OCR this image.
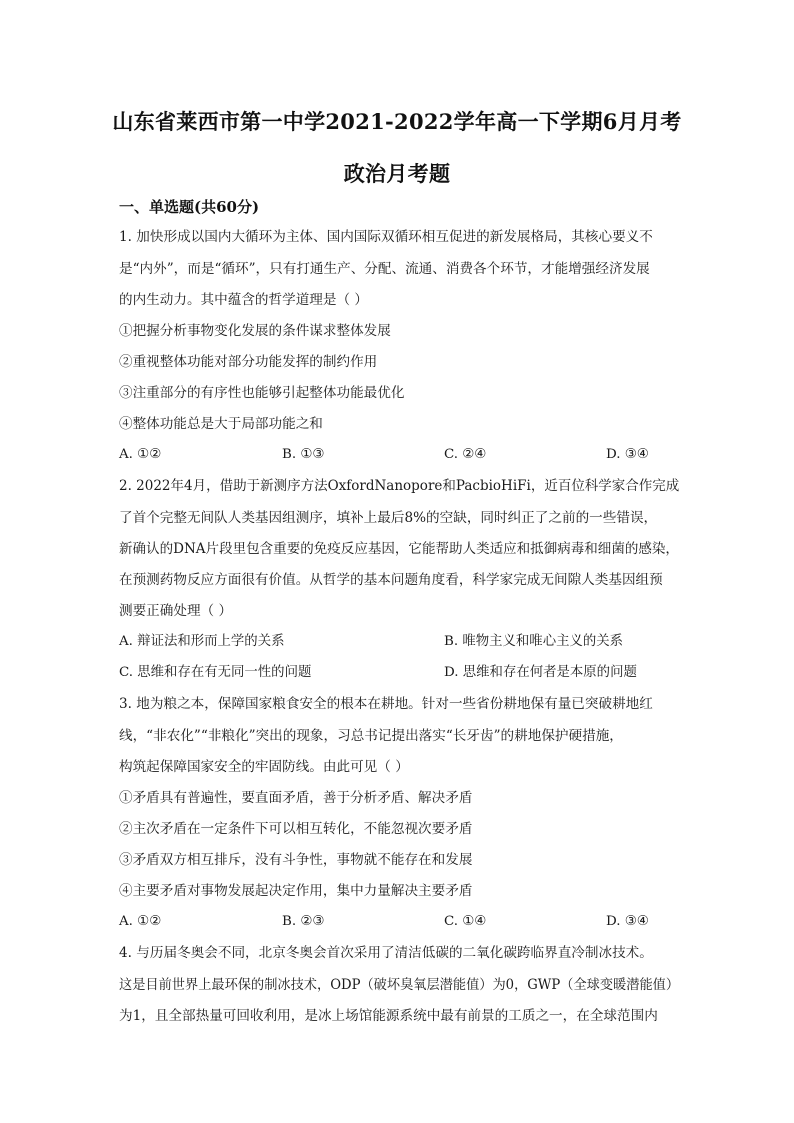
山东省莱西市第一中学2021-2022学年高一下学期6月月考
政治月考题
一、单选题(共60分)
1. 加快形成以国内大循环为主体、国内国际双循环相互促进的新发展格局，其核心要义不
是“内外”，而是“循环”，只有打通生产、分配、流通、消费各个环节，才能增强经济发展
的内生动力。其中蕴含的哲学道理是（ ）
①把握分析事物变化发展的条件谋求整体发展
②重视整体功能对部分功能发挥的制约作用
③注重部分的有序性也能够引起整体功能最优化
④整体功能总是大于局部功能之和
A. ①②	B. ①③	C. ②④	D. ③④
2. 2022年4月，借助于新测序方法OxfordNanopore和PacbioHiFi，近百位科学家合作完成
了首个完整无间队人类基因组测序，填补上最后8%的空缺，同时纠正了之前的一些错误，
新确认的DNA片段里包含重要的免疫反应基因，它能帮助人类适应和抵御病毒和细菌的感染，
在预测药物反应方面很有价值。从哲学的基本问题角度看，科学家完成无间隙人类基因组预
测要正确处理（ ）
A. 辩证法和形而上学的关系	B. 唯物主义和唯心主义的关系
C. 思维和存在有无同一性的问题	D. 思维和存在何者是本原的问题
3. 地为粮之本，保障国家粮食安全的根本在耕地。针对一些省份耕地保有量已突破耕地红
线，“非农化”“非粮化”突出的现象，习总书记提出落实“长牙齿”的耕地保护硬措施，
构筑起保障国家安全的牢固防线。由此可见（ ）
①矛盾具有普遍性，要直面矛盾，善于分析矛盾、解决矛盾
②主次矛盾在一定条件下可以相互转化，不能忽视次要矛盾
③矛盾双方相互排斥，没有斗争性，事物就不能存在和发展
④主要矛盾对事物发展起决定作用，集中力量解决主要矛盾
A. ①②	B. ②③	C. ①④	D. ③④
4. 与历届冬奥会不同，北京冬奥会首次采用了清洁低碳的二氧化碳跨临界直冷制冰技术。
这是目前世界上最环保的制冰技术，ODP（破坏臭氧层潜能值）为0，GWP（全球变暖潜能值）
为1，且全部热量可回收利用，是冰上场馆能源系统中最有前景的工质之一，在全球范围内
